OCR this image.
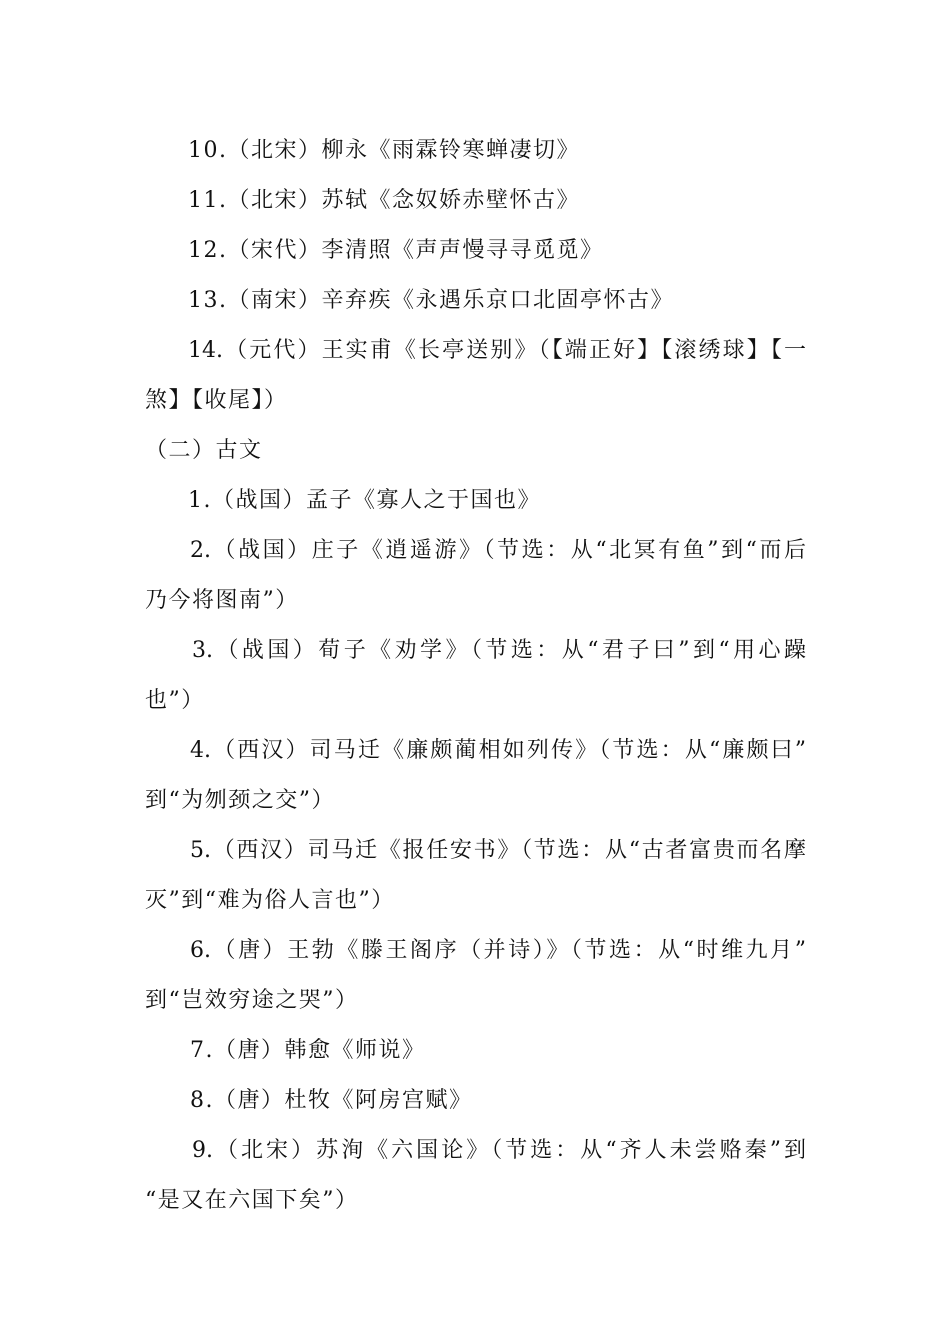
10.（北宋）柳永《雨霖铃寒蝉凄切》
11.（北宋）苏轼《念奴娇赤壁怀古》
12.（宋代）李清照《声声慢寻寻觅觅》
13.（南宋）辛弃疾《永遇乐京口北固亭怀古》
14.（元代）王实甫《长亭送别》（【端正好】【滚绣球】【一
煞】【收尾】）
（二）古文
1.（战国）孟子《寡人之于国也》
2.（战国）庄子《逍遥游》（节选：从“北冥有鱼”到“而后
乃今将图南”）
3.（战国）荀子《劝学》（节选：从“君子曰”到“用心躁
也”）
4.（西汉）司马迁《廉颇蔺相如列传》（节选：从“廉颇曰”
到“为刎颈之交”）
5.（西汉）司马迁《报任安书》（节选：从“古者富贵而名摩
灭”到“难为俗人言也”）
6.（唐）王勃《滕王阁序（并诗）》（节选：从“时维九月”
到“岂效穷途之哭”）
7.（唐）韩愈《师说》
8.（唐）杜牧《阿房宫赋》
9.（北宋）苏洵《六国论》（节选：从“齐人未尝赂秦”到
“是又在六国下矣”）
